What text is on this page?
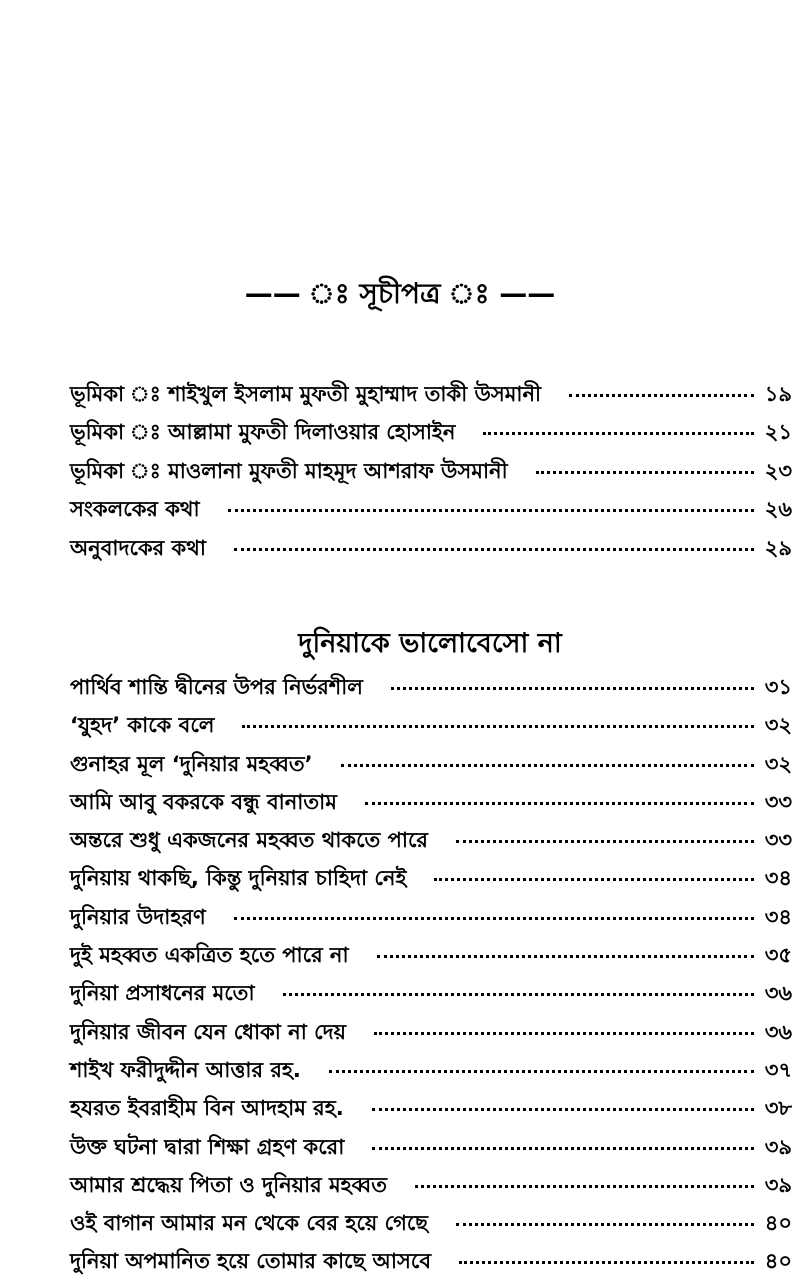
—— ঃ সূচীপত্র ঃ ——
ভূমিকা ঃ শাইখুল ইসলাম মুফতী মুহাম্মাদ তাকী উসমানী	১৯
ভূমিকা ঃ আল্লামা মুফতী দিলাওয়ার হোসাইন	২১
ভূমিকা ঃ মাওলানা মুফতী মাহমূদ আশরাফ উসমানী	২৩
সংকলকের কথা	২৬
অনুবাদকের কথা	২৯
দুনিয়াকে ভালোবেসো না
পার্থিব শান্তি দ্বীনের উপর নির্ভরশীল	৩১
‘যুহদ’ কাকে বলে	৩২
গুনাহর মূল ‘দুনিয়ার মহব্বত’	৩২
আমি আবু বকরকে বন্ধু বানাতাম	৩৩
অন্তরে শুধু একজনের মহব্বত থাকতে পারে	৩৩
দুনিয়ায় থাকছি, কিন্তু দুনিয়ার চাহিদা নেই	৩৪
দুনিয়ার উদাহরণ	৩৪
দুই মহব্বত একত্রিত হতে পারে না	৩৫
দুনিয়া প্রসাধনের মতো	৩৬
দুনিয়ার জীবন যেন ধোকা না দেয়	৩৬
শাইখ ফরীদুদ্দীন আত্তার রহ.	৩৭
হযরত ইবরাহীম বিন আদহাম রহ.	৩৮
উক্ত ঘটনা দ্বারা শিক্ষা গ্রহণ করো	৩৯
আমার শ্রদ্ধেয় পিতা ও দুনিয়ার মহব্বত	৩৯
ওই বাগান আমার মন থেকে বের হয়ে গেছে	৪০
দুনিয়া অপমানিত হয়ে তোমার কাছে আসবে	৪০
